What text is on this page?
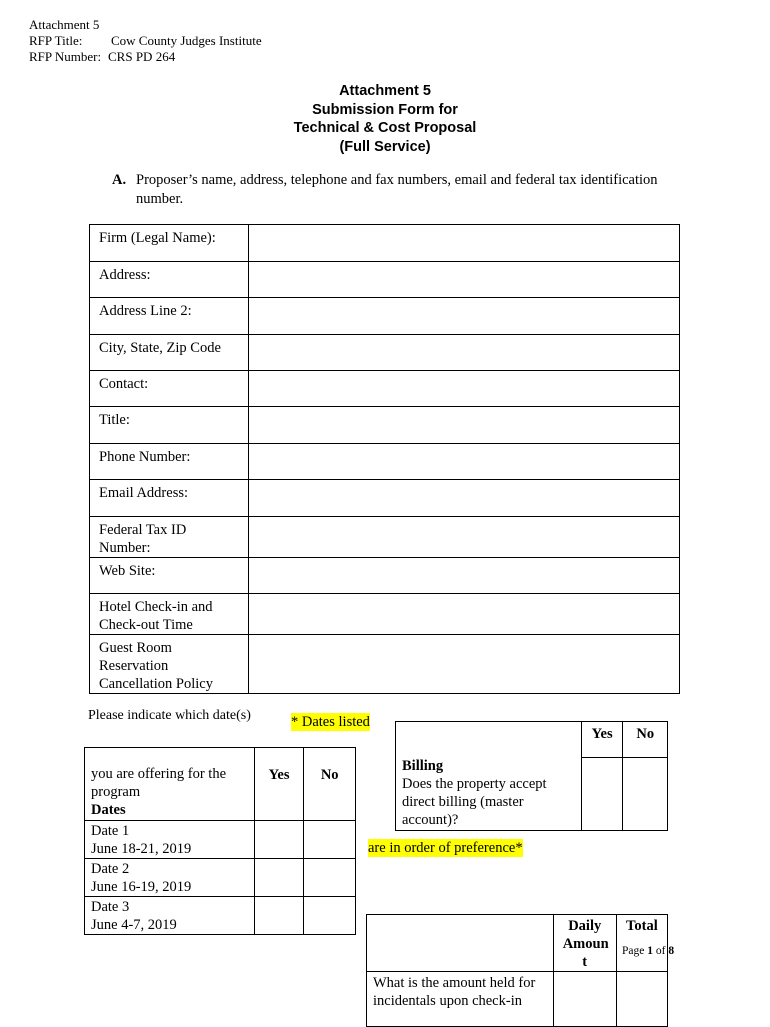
Attachment 5
RFP Title: Cow County Judges Institute
RFP Number: CRS PD 264
Attachment 5
Submission Form for
Technical & Cost Proposal
(Full Service)
A. Proposer’s name, address, telephone and fax numbers, email and federal tax identification number.
Firm (Legal Name):	

Address:	

Address Line 2:	

City, State, Zip Code	

Contact:	

Title:	

Phone Number:	

Email Address:	

Federal Tax ID Number:	

Web Site:	

Hotel Check-in and Check-out Time	

Guest Room Reservation Cancellation Policy	

Please indicate which date(s)	* Dates listed
are in order of preference*
you are offering for the program
Dates	Yes	No

Date 1
June 18-21, 2019		

Date 2
June 16-19, 2019		

Date 3
June 4-7, 2019		

Billing
Does the property accept direct billing (master account)?

Yes	No

	Daily Amoun t	Total

What is the amount held for incidentals upon check-in		

Page 1 of 8
